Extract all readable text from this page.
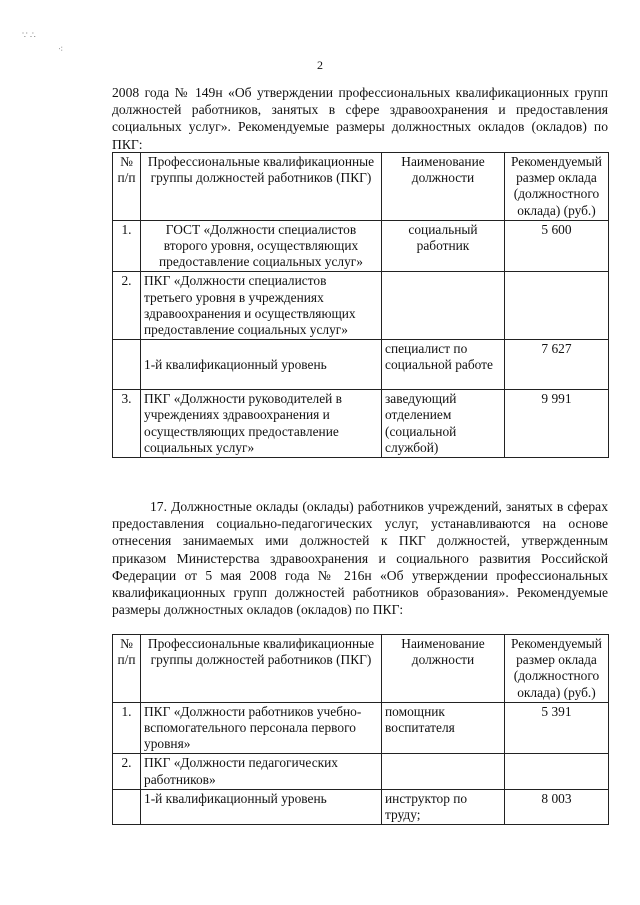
∵ ∴
⁖
2

2008 года № 149н «Об утверждении профессиональных квалификационных групп должностей работников, занятых в сфере здравоохранения и предоставления социальных услуг». Рекомендуемые размеры должностных окладов (окладов) по ПКГ:

№ п/п	Профессиональные квалификационные группы должностей работников (ПКГ)	Наименование должности	Рекомендуемый размер оклада (должностного оклада) (руб.)
1.	ГОСТ «Должности специалистов второго уровня, осуществляющих предоставление социальных услуг»	социальный работник	5 600
2.	ПКГ «Должности специалистов третьего уровня в учреждениях здравоохранения и осуществляющих предоставление социальных услуг»		
	1-й квалификационный уровень	специалист по социальной работе	7 627
3.	ПКГ «Должности руководителей в учреждениях здравоохранения и осуществляющих предоставление социальных услуг»	заведующий отделением (социальной службой)	9 991

17. Должностные оклады (оклады) работников учреждений, занятых в сферах предоставления социально-педагогических услуг, устанавливаются на основе отнесения занимаемых ими должностей к ПКГ должностей, утвержденным приказом Министерства здравоохранения и социального развития Российской Федерации от 5 мая 2008 года № 216н «Об утверждении профессиональных квалификационных групп должностей работников образования». Рекомендуемые размеры должностных окладов (окладов) по ПКГ:

№ п/п	Профессиональные квалификационные группы должностей работников (ПКГ)	Наименование должности	Рекомендуемый размер оклада (должностного оклада) (руб.)
1.	ПКГ «Должности работников учебно-вспомогательного персонала первого уровня»	помощник воспитателя	5 391
2.	ПКГ «Должности педагогических работников»		
	1-й квалификационный уровень	инструктор по труду;	8 003
